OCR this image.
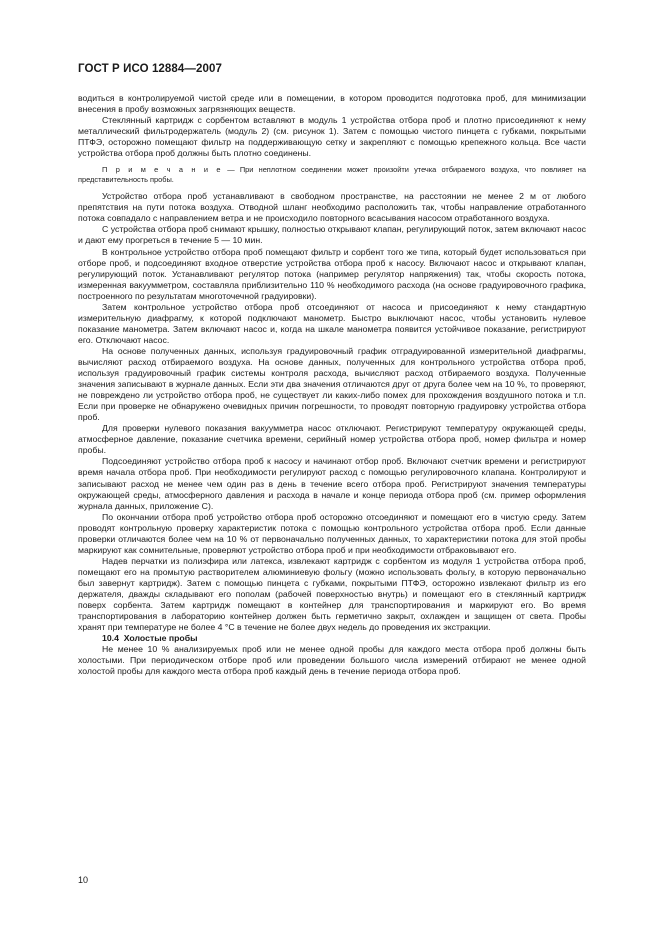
ГОСТ Р ИСО 12884—2007

водиться в контролируемой чистой среде или в помещении, в котором проводится подготовка проб, для минимизации внесения в пробу возможных загрязняющих веществ.

Стеклянный картридж с сорбентом вставляют в модуль 1 устройства отбора проб и плотно присоединяют к нему металлический фильтродержатель (модуль 2) (см. рисунок 1). Затем с помощью чистого пинцета с губками, покрытыми ПТФЭ, осторожно помещают фильтр на поддерживающую сетку и закрепляют с помощью крепежного кольца. Все части устройства отбора проб должны быть плотно соединены.

П р и м е ч а н и е — При неплотном соединении может произойти утечка отбираемого воздуха, что повлияет на представительность пробы.

Устройство отбора проб устанавливают в свободном пространстве, на расстоянии не менее 2 м от любого препятствия на пути потока воздуха. Отводной шланг необходимо расположить так, чтобы направление отработанного потока совпадало с направлением ветра и не происходило повторного всасывания насосом отработанного воздуха.

С устройства отбора проб снимают крышку, полностью открывают клапан, регулирующий поток, затем включают насос и дают ему прогреться в течение 5 — 10 мин.

В контрольное устройство отбора проб помещают фильтр и сорбент того же типа, который будет использоваться при отборе проб, и подсоединяют входное отверстие устройства отбора проб к насосу. Включают насос и открывают клапан, регулирующий поток. Устанавливают регулятор потока (например регулятор напряжения) так, чтобы скорость потока, измеренная вакуумметром, составляла приблизительно 110 % необходимого расхода (на основе градуировочного графика, построенного по результатам многоточечной градуировки).

Затем контрольное устройство отбора проб отсоединяют от насоса и присоединяют к нему стандартную измерительную диафрагму, к которой подключают манометр. Быстро выключают насос, чтобы установить нулевое показание манометра. Затем включают насос и, когда на шкале манометра появится устойчивое показание, регистрируют его. Отключают насос.

На основе полученных данных, используя градуировочный график отградуированной измерительной диафрагмы, вычисляют расход отбираемого воздуха. На основе данных, полученных для контрольного устройства отбора проб, используя градуировочный график системы контроля расхода, вычисляют расход отбираемого воздуха. Полученные значения записывают в журнале данных. Если эти два значения отличаются друг от друга более чем на 10 %, то проверяют, не повреждено ли устройство отбора проб, не существует ли каких-либо помех для прохождения воздушного потока и т.п. Если при проверке не обнаружено очевидных причин погрешности, то проводят повторную градуировку устройства отбора проб.

Для проверки нулевого показания вакуумметра насос отключают. Регистрируют температуру окружающей среды, атмосферное давление, показание счетчика времени, серийный номер устройства отбора проб, номер фильтра и номер пробы.

Подсоединяют устройство отбора проб к насосу и начинают отбор проб. Включают счетчик времени и регистрируют время начала отбора проб. При необходимости регулируют расход с помощью регулировочного клапана. Контролируют и записывают расход не менее чем один раз в день в течение всего отбора проб. Регистрируют значения температуры окружающей среды, атмосферного давления и расхода в начале и конце периода отбора проб (см. пример оформления журнала данных, приложение С).

По окончании отбора проб устройство отбора проб осторожно отсоединяют и помещают его в чистую среду. Затем проводят контрольную проверку характеристик потока с помощью контрольного устройства отбора проб. Если данные проверки отличаются более чем на 10 % от первоначально полученных данных, то характеристики потока для этой пробы маркируют как сомнительные, проверяют устройство отбора проб и при необходимости отбраковывают его.

Надев перчатки из полиэфира или латекса, извлекают картридж с сорбентом из модуля 1 устройства отбора проб, помещают его на промытую растворителем алюминиевую фольгу (можно использовать фольгу, в которую первоначально был завернут картридж). Затем с помощью пинцета с губками, покрытыми ПТФЭ, осторожно извлекают фильтр из его держателя, дважды складывают его пополам (рабочей поверхностью внутрь) и помещают его в стеклянный картридж поверх сорбента. Затем картридж помещают в контейнер для транспортирования и маркируют его. Во время транспортирования в лабораторию контейнер должен быть герметично закрыт, охлажден и защищен от света. Пробы хранят при температуре не более 4 °С в течение не более двух недель до проведения их экстракции.

10.4 Холостые пробы

Не менее 10 % анализируемых проб или не менее одной пробы для каждого места отбора проб должны быть холостыми. При периодическом отборе проб или проведении большого числа измерений отбирают не менее одной холостой пробы для каждого места отбора проб каждый день в течение периода отбора проб.

10
